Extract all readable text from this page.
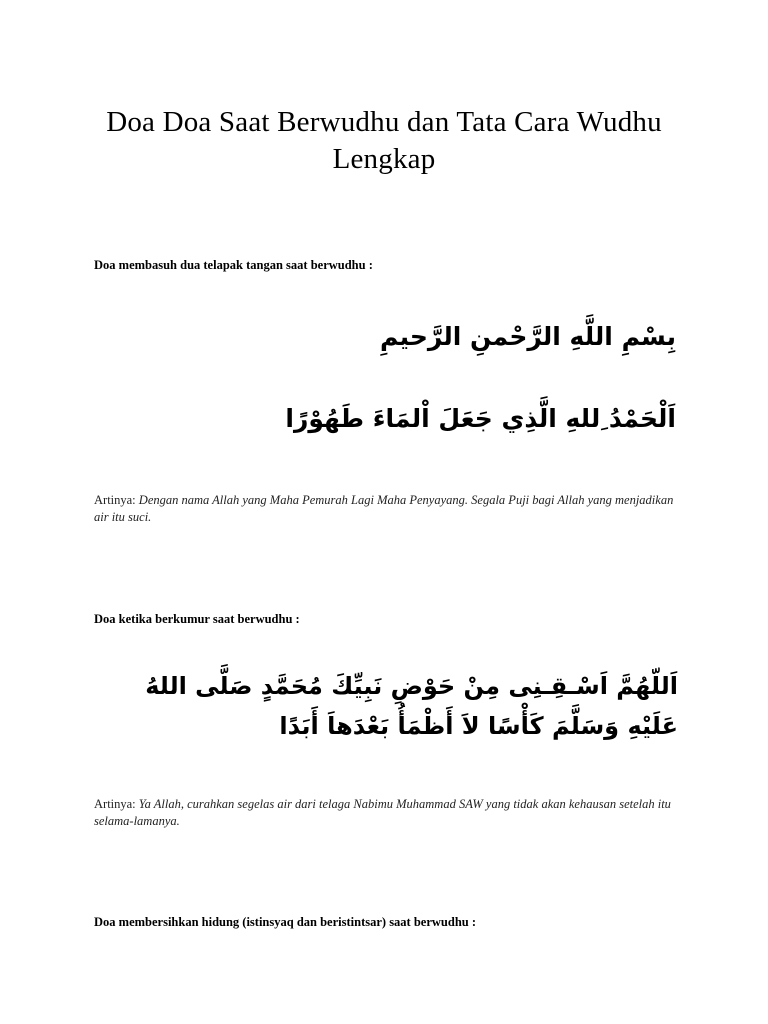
Doa Doa Saat Berwudhu dan Tata Cara Wudhu Lengkap

Doa membasuh dua telapak tangan saat berwudhu :

بِسْمِ اللَّهِ الرَّحْمنِ الرَّحيمِ

اَلْحَمْدُ ِللهِ الَّذِي جَعَلَ اْلمَاءَ طَهُوْرًا

Artinya: Dengan nama Allah yang Maha Pemurah Lagi Maha Penyayang. Segala Puji bagi Allah yang menjadikan air itu suci.

Doa ketika berkumur saat berwudhu :

اَللّهُمَّ اَسْـقِـنِى مِنْ حَوْضِ نَبِيِّكَ مُحَمَّدٍ صَلَّى اللهُ عَلَيْهِ وَسَلَّمَ كَأْسًا لاَ أَظْمَأُ بَعْدَهاَ أَبَدًا

Artinya: Ya Allah, curahkan segelas air dari telaga Nabimu Muhammad SAW yang tidak akan kehausan setelah itu selama-lamanya.

Doa membersihkan hidung (istinsyaq dan beristintsar) saat berwudhu :
